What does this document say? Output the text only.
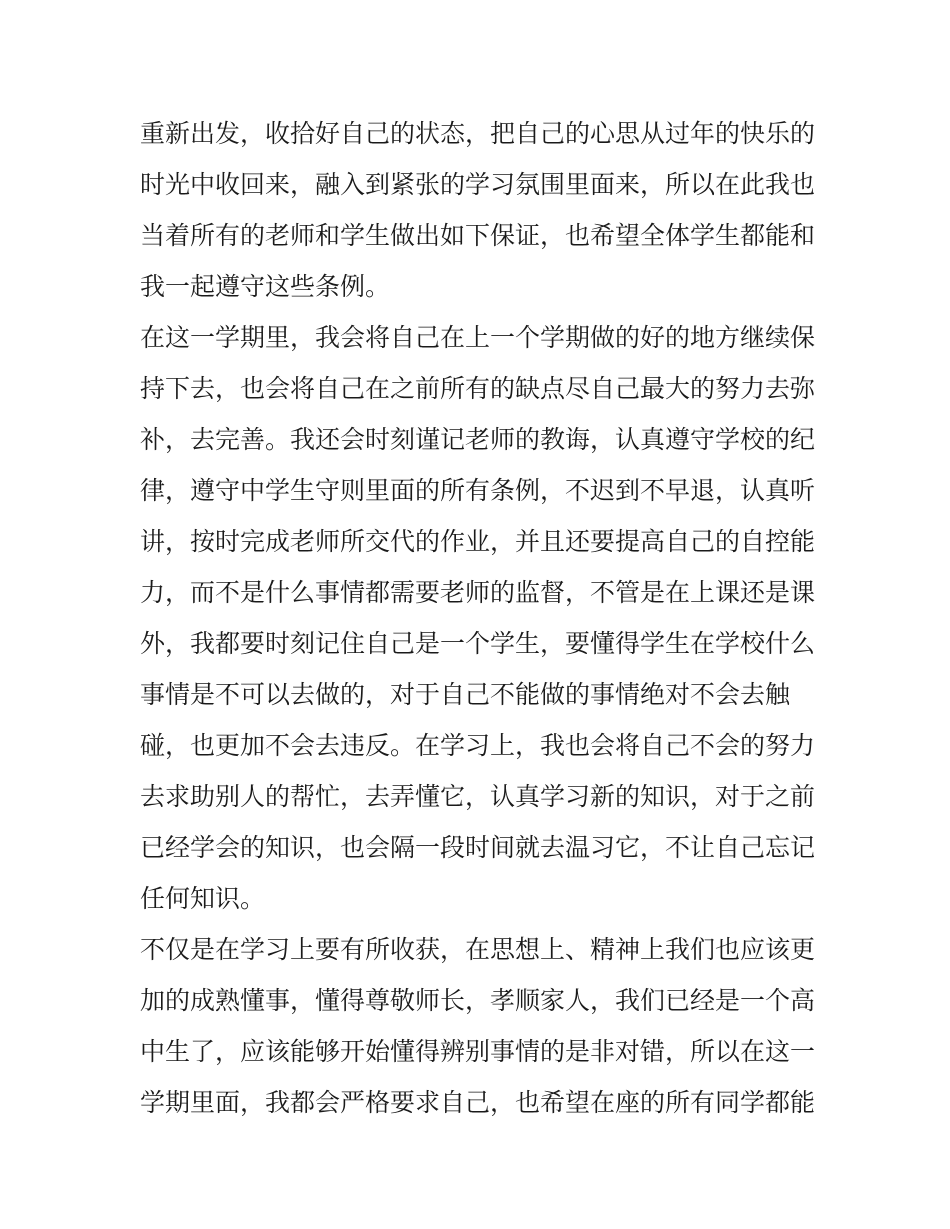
重新出发，收拾好自己的状态，把自己的心思从过年的快乐的
时光中收回来，融入到紧张的学习氛围里面来，所以在此我也
当着所有的老师和学生做出如下保证，也希望全体学生都能和
我一起遵守这些条例。
在这一学期里，我会将自己在上一个学期做的好的地方继续保
持下去，也会将自己在之前所有的缺点尽自己最大的努力去弥
补，去完善。我还会时刻谨记老师的教诲，认真遵守学校的纪
律，遵守中学生守则里面的所有条例，不迟到不早退，认真听
讲，按时完成老师所交代的作业，并且还要提高自己的自控能
力，而不是什么事情都需要老师的监督，不管是在上课还是课
外，我都要时刻记住自己是一个学生，要懂得学生在学校什么
事情是不可以去做的，对于自己不能做的事情绝对不会去触
碰，也更加不会去违反。在学习上，我也会将自己不会的努力
去求助别人的帮忙，去弄懂它，认真学习新的知识，对于之前
已经学会的知识，也会隔一段时间就去温习它，不让自己忘记
任何知识。
不仅是在学习上要有所收获，在思想上、精神上我们也应该更
加的成熟懂事，懂得尊敬师长，孝顺家人，我们已经是一个高
中生了，应该能够开始懂得辨别事情的是非对错，所以在这一
学期里面，我都会严格要求自己，也希望在座的所有同学都能
